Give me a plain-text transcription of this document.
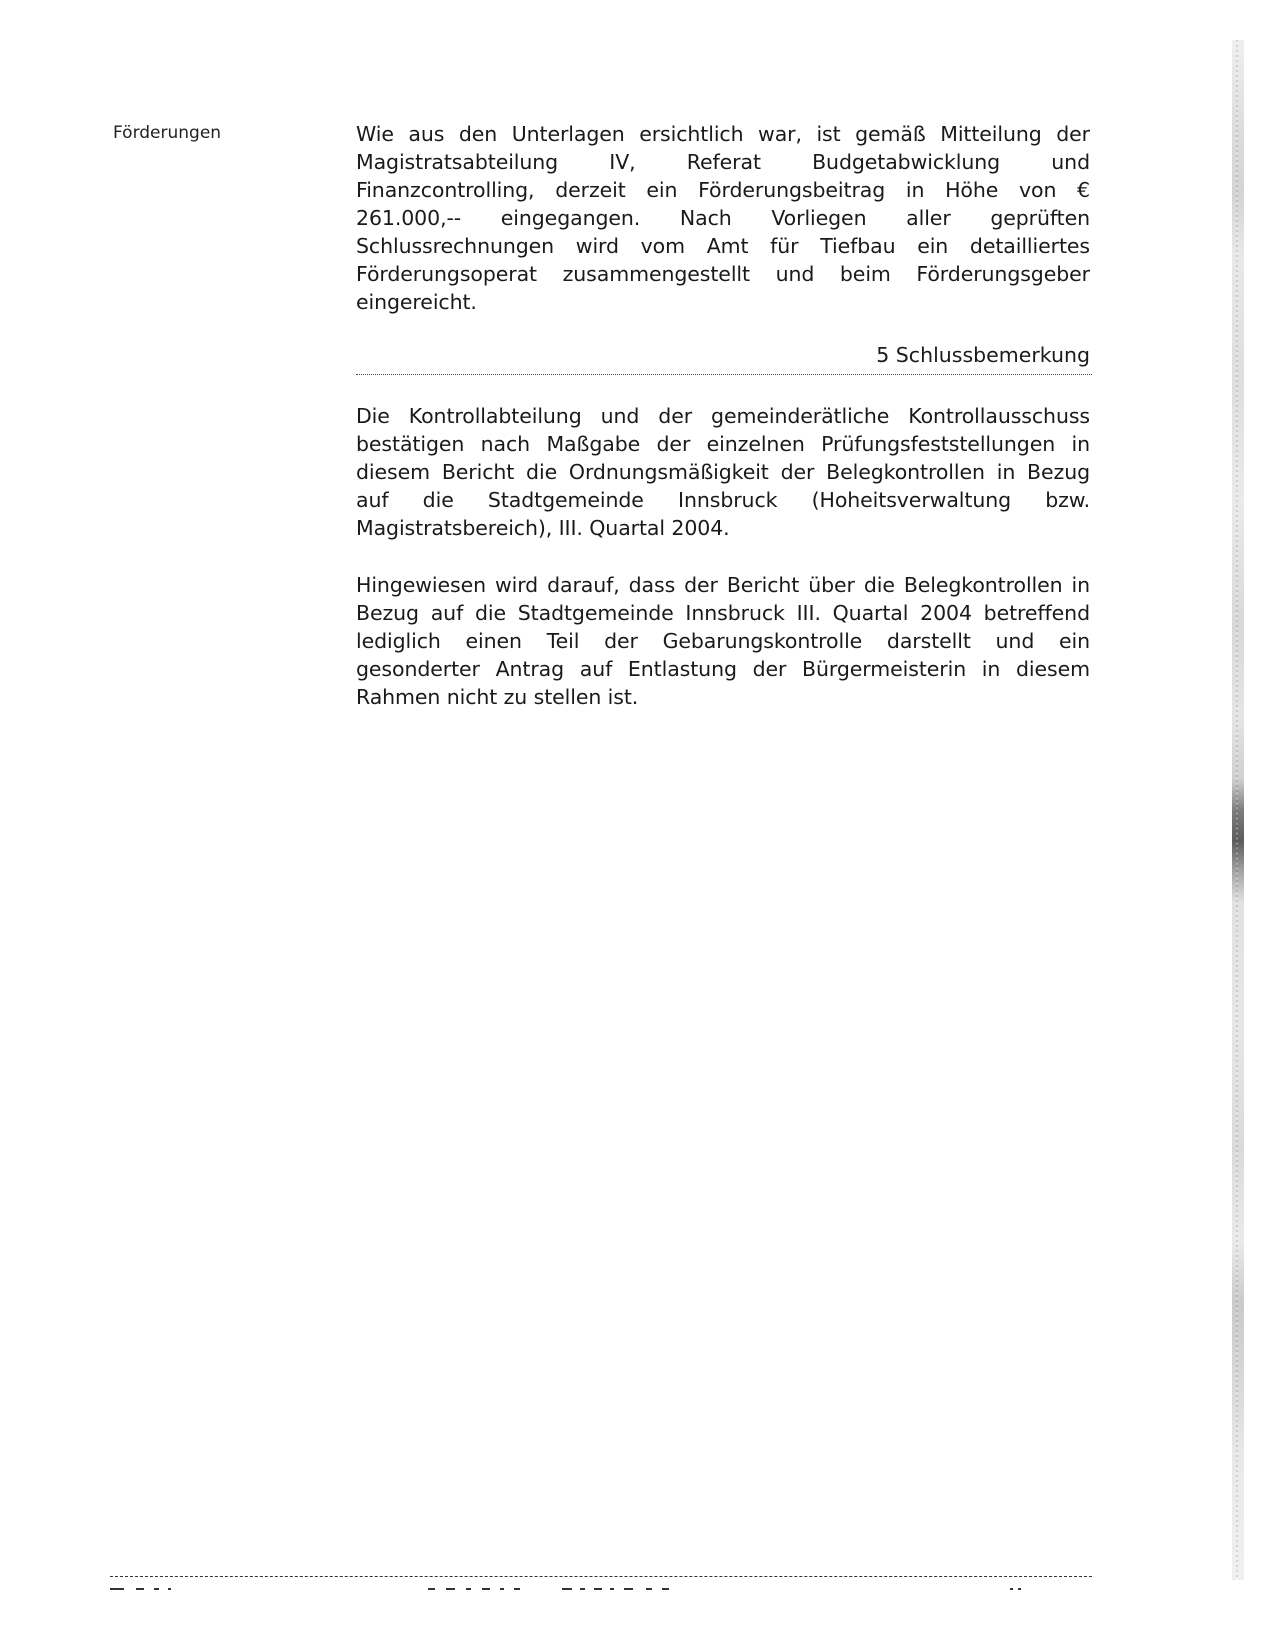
Förderungen	Wie aus den Unterlagen ersichtlich war, ist gemäß Mitteilung der Magistratsabteilung IV, Referat Budgetabwicklung und Finanzcontrolling, derzeit ein Förderungsbeitrag in Höhe von € 261.000,-- eingegangen. Nach Vorliegen aller geprüften Schlussrechnungen wird vom Amt für Tiefbau ein detailliertes Förderungsoperat zusammengestellt und beim Förderungsgeber eingereicht.
5 Schlussbemerkung
Die Kontrollabteilung und der gemeinderätliche Kontrollausschuss bestätigen nach Maßgabe der einzelnen Prüfungsfeststellungen in diesem Bericht die Ordnungsmäßigkeit der Belegkontrollen in Bezug auf die Stadtgemeinde Innsbruck (Hoheitsverwaltung bzw. Magistratsbereich), III. Quartal 2004.
Hingewiesen wird darauf, dass der Bericht über die Belegkontrollen in Bezug auf die Stadtgemeinde Innsbruck III. Quartal 2004 betreffend lediglich einen Teil der Gebarungskontrolle darstellt und ein gesonderter Antrag auf Entlastung der Bürgermeisterin in diesem Rahmen nicht zu stellen ist.
